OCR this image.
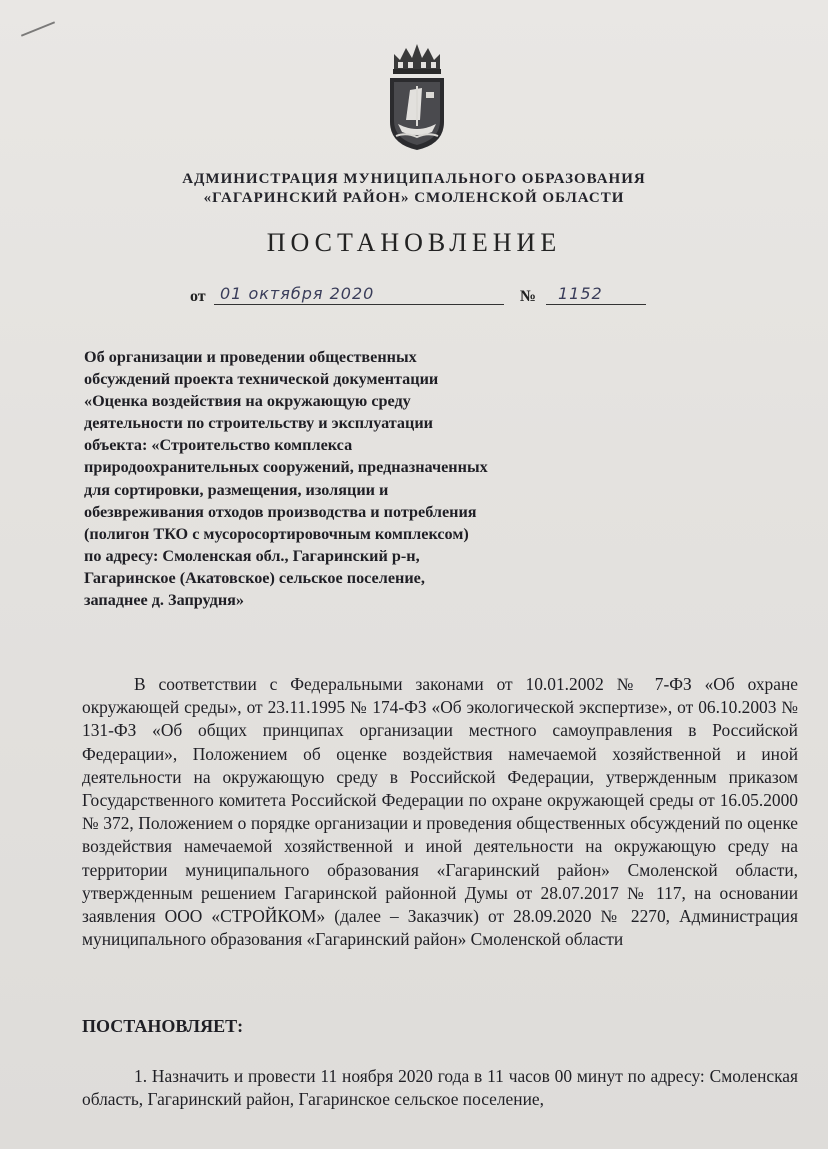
АДМИНИСТРАЦИЯ МУНИЦИПАЛЬНОГО ОБРАЗОВАНИЯ
«ГАГАРИНСКИЙ РАЙОН» СМОЛЕНСКОЙ ОБЛАСТИ
ПОСТАНОВЛЕНИЕ
от 01 октября 2020	№ 1152
Об организации и проведении общественных
обсуждений проекта технической документации
«Оценка воздействия на окружающую среду
деятельности по строительству и эксплуатации
объекта: «Строительство комплекса
природоохранительных сооружений, предназначенных
для сортировки, размещения, изоляции и
обезвреживания отходов производства и потребления
(полигон ТКО с мусоросортировочным комплексом)
по адресу: Смоленская обл., Гагаринский р-н,
Гагаринское (Акатовское) сельское поселение,
западнее д. Запрудня»
В соответствии с Федеральными законами от 10.01.2002 № 7-ФЗ «Об охране окружающей среды», от 23.11.1995 № 174-ФЗ «Об экологической экспертизе», от 06.10.2003 № 131-ФЗ «Об общих принципах организации местного самоуправления в Российской Федерации», Положением об оценке воздействия намечаемой хозяйственной и иной деятельности на окружающую среду в Российской Федерации, утвержденным приказом Государственного комитета Российской Федерации по охране окружающей среды от 16.05.2000 № 372, Положением о порядке организации и проведения общественных обсуждений по оценке воздействия намечаемой хозяйственной и иной деятельности на окружающую среду на территории муниципального образования «Гагаринский район» Смоленской области, утвержденным решением Гагаринской районной Думы от 28.07.2017 № 117, на основании заявления ООО «СТРОЙКОМ» (далее – Заказчик) от 28.09.2020 № 2270, Администрация муниципального образования «Гагаринский район» Смоленской области
ПОСТАНОВЛЯЕТ:
1. Назначить и провести 11 ноября 2020 года в 11 часов 00 минут по адресу: Смоленская область, Гагаринский район, Гагаринское сельское поселение,
